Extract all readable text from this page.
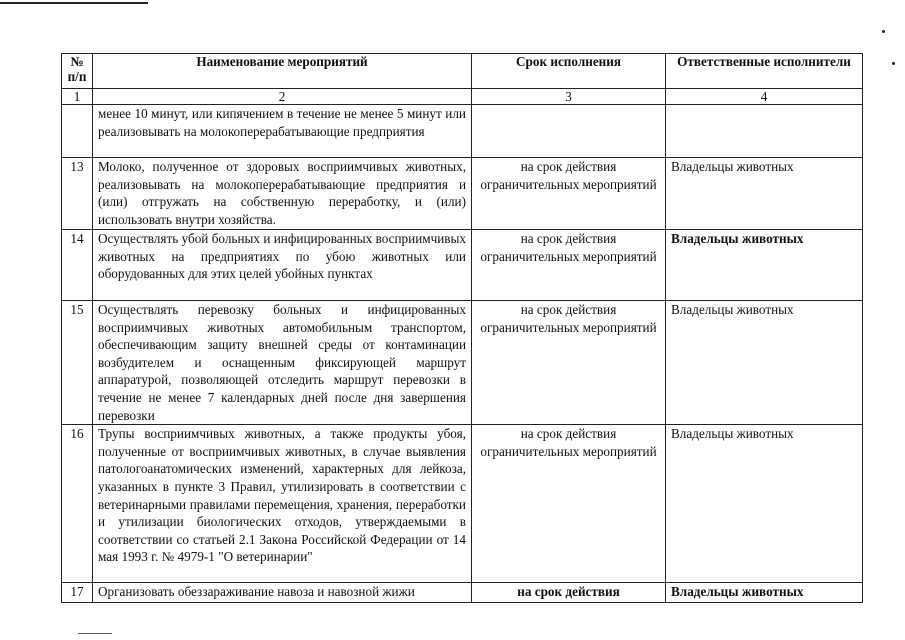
№ п/п	Наименование мероприятий	Срок исполнения	Ответственные исполнители
1	2	3	4
	менее 10 минут, или кипячением в течение не менее 5 минут или реализовывать на молокоперерабатывающие предприятия		
13	Молоко, полученное от здоровых восприимчивых животных, реализовывать на молокоперерабатывающие предприятия и (или) отгружать на собственную переработку, и (или) использовать внутри хозяйства.	на срок действия ограничительных мероприятий	Владельцы животных
14	Осуществлять убой больных и инфицированных восприимчивых животных на предприятиях по убою животных или оборудованных для этих целей убойных пунктах	на срок действия ограничительных мероприятий	Владельцы животных
15	Осуществлять перевозку больных и инфицированных восприимчивых животных автомобильным транспортом, обеспечивающим защиту внешней среды от контаминации возбудителем и оснащенным фиксирующей маршрут аппаратурой, позволяющей отследить маршрут перевозки в течение не менее 7 календарных дней после дня завершения перевозки	на срок действия ограничительных мероприятий	Владельцы животных
16	Трупы восприимчивых животных, а также продукты убоя, полученные от восприимчивых животных, в случае выявления патологоанатомических изменений, характерных для лейкоза, указанных в пункте 3 Правил, утилизировать в соответствии с ветеринарными правилами перемещения, хранения, переработки и утилизации биологических отходов, утверждаемыми в соответствии со статьей 2.1 Закона Российской Федерации от 14 мая 1993 г. № 4979-1 "О ветеринарии"	на срок действия ограничительных мероприятий	Владельцы животных
17	Организовать обеззараживание навоза и навозной жижи	на срок действия	Владельцы животных
